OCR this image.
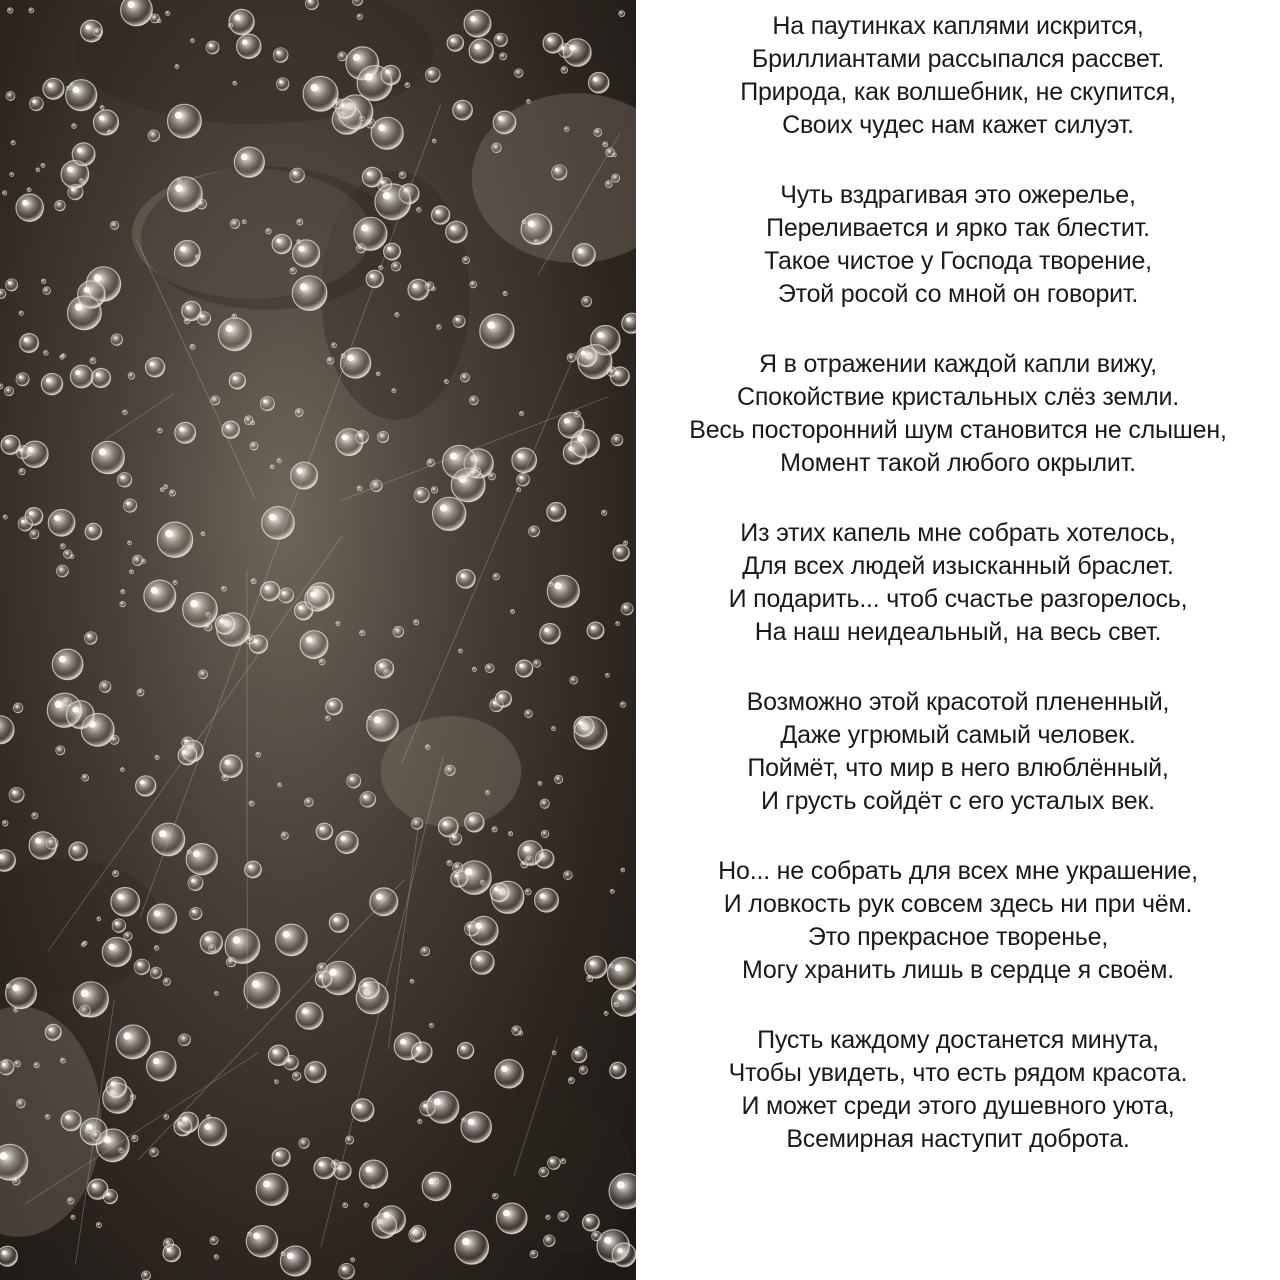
На паутинках каплями искрится,
Бриллиантами рассыпался рассвет.
Природа, как волшебник, не скупится,
Своих чудес нам кажет силуэт.
Чуть вздрагивая это ожерелье,
Переливается и ярко так блестит.
Такое чистое у Господа творение,
Этой росой со мной он говорит.
Я в отражении каждой капли вижу,
Спокойствие кристальных слёз земли.
Весь посторонний шум становится не слышен,
Момент такой любого окрылит.
Из этих капель мне собрать хотелось,
Для всех людей изысканный браслет.
И подарить... чтоб счастье разгорелось,
На наш неидеальный, на весь свет.
Возможно этой красотой плененный,
Даже угрюмый самый человек.
Поймёт, что мир в него влюблённый,
И грусть сойдёт с его усталых век.
Но... не собрать для всех мне украшение,
И ловкость рук совсем здесь ни при чём.
Это прекрасное творенье,
Могу хранить лишь в сердце я своём.
Пусть каждому достанется минута,
Чтобы увидеть, что есть рядом красота.
И может среди этого душевного уюта,
Всемирная наступит доброта.
